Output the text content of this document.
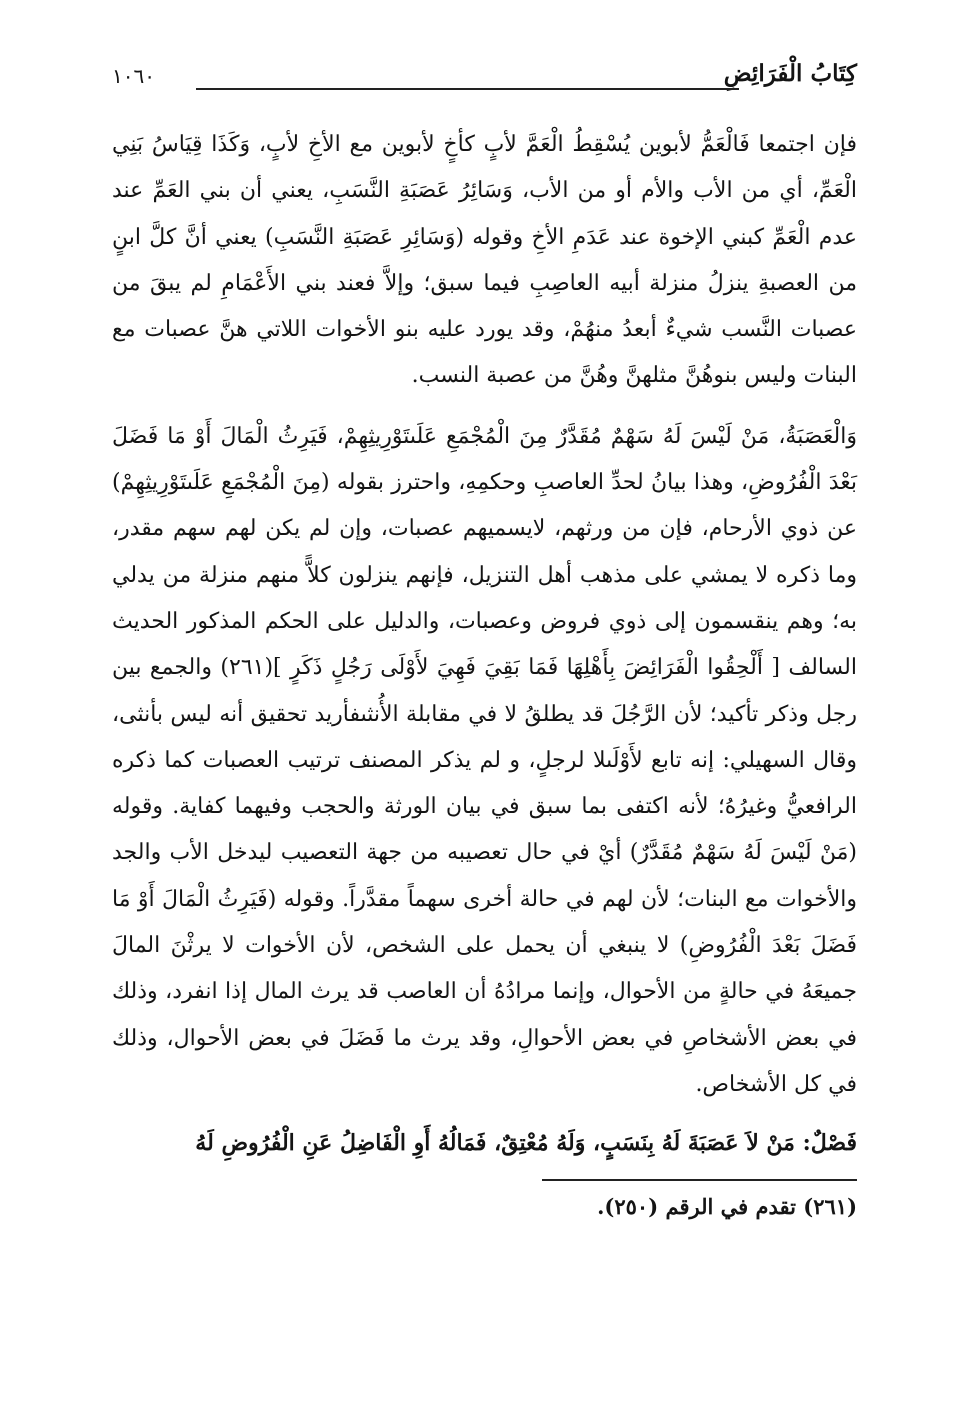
كِتَابُ الْفَرَائِضِ
١٠٦٠

فإن اجتمعا فَالْعَمُّ لأبوين يُسْقِطُ الْعَمَّ لأبٍ كأخٍ لأبوين مع الأخِ لأبٍ، وَكَذَا قِيَاسُ بَنِي الْعَمِّ، أي من الأب والأم أو من الأب، وَسَائِرُ عَصَبَةِ النَّسَبِ، يعني أن بني العَمِّ عند عدم الْعَمِّ كبني الإخوة عند عَدَمِ الأخِ وقوله (وَسَائِرِ عَصَبَةِ النَّسَبِ) يعني أنَّ كلَّ ابنٍ من العصبةِ ينزلُ منزلة أبيه العاصِبِ فيما سبق؛ وإلاَّ فعند بني الأَعْمَامِ لم يبقَ من عصبات النَّسب شيءٌ أبعدُ منهُمْ، وقد يورد عليه بنو الأخوات اللاتي هنَّ عصبات مع البنات وليس بنوهُنَّ مثلهنَّ وهُنَّ من عصبة النسب.

وَالْعَصَبَةُ، مَنْ لَيْسَ لَهُ سَهْمٌ مُقَدَّرٌ مِنَ الْمُجْمَعِ عَلَىتَوْرِيثِهِمْ، فَيَرِثُ الْمَالَ أَوْ مَا فَضَلَ بَعْدَ الْفُرُوضِ، وهذا بيانُ لحدِّ العاصبِ وحكمِهِ، واحترز بقوله (مِنَ الْمُجْمَعِ عَلَىتَوْرِيثِهِمْ) عن ذوي الأرحام، فإن من ورثهم، لايسميهم عصبات، وإن لم يكن لهم سهم مقدر، وما ذكره لا يمشي على مذهب أهل التنزيل، فإنهم ينزلون كلاًّ منهم منزلة من يدلي به؛ وهم ينقسمون إلى ذوي فروض وعصبات، والدليل على الحكم المذكور الحديث السالف [ أَلْحِقُوا الْفَرَائِضَ بِأَهْلِهَا فَمَا بَقِيَ فَهِيَ لأَوْلَى رَجُلٍ ذَكَرٍ ](٢٦١) والجمع بين رجل وذكر تأكيد؛ لأن الرَّجُلَ قد يطلقُ لا في مقابلة الأُنثىفأريد تحقيق أنه ليس بأنثى، وقال السهيلي: إنه تابع لأَوْلَىلا لرجلٍ، و لم يذكر المصنف ترتيب العصبات كما ذكره الرافعيُّ وغيرُهُ؛ لأنه اكتفى بما سبق في بيان الورثة والحجب وفيهما كفاية. وقوله (مَنْ لَيْسَ لَهُ سَهْمٌ مُقَدَّرٌ) أيْ في حال تعصيبه من جهة التعصيب ليدخل الأب والجد والأخوات مع البنات؛ لأن لهم في حالة أخرى سهماً مقدَّراً. وقوله (فَيَرِثُ الْمَالَ أَوْ مَا فَضَلَ بَعْدَ الْفُرُوضِ) لا ينبغي أن يحمل على الشخص، لأن الأخوات لا يرثْنَ المالَ جميعَهُ في حالةٍ من الأحوال، وإنما مرادُهُ أن العاصب قد يرث المال إذا انفرد، وذلك في بعض الأشخاصِ في بعض الأحوالِ، وقد يرث ما فَضَلَ في بعض الأحوال، وذلك في كل الأشخاص.

فَصْلٌ: مَنْ لاَ عَصَبَةَ لَهُ بِنَسَبٍ، وَلَهُ مُعْتِقٌ، فَمَالُهُ أَوِ الْفَاضِلُ عَنِ الْفُرُوضِ لَهُ

(٢٦١) تقدم في الرقم (٢٥٠).
